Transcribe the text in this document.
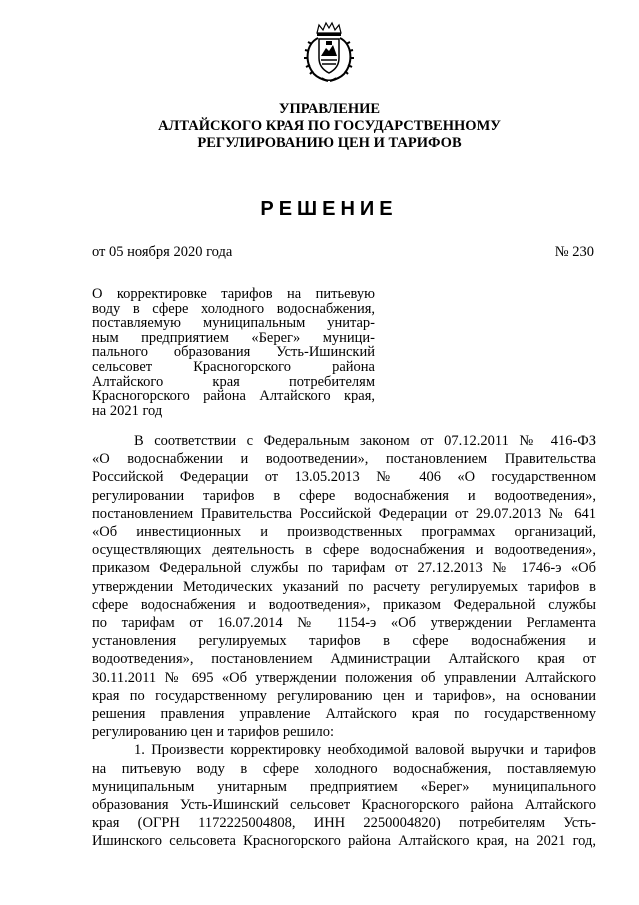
УПРАВЛЕНИЕ
АЛТАЙСКОГО КРАЯ ПО ГОСУДАРСТВЕННОМУ
РЕГУЛИРОВАНИЮ ЦЕН И ТАРИФОВ
РЕШЕНИЕ
от 05 ноября 2020 года	№ 230
О корректировке тарифов на питьевую
воду в сфере холодного водоснабжения,
поставляемую муниципальным унитар-
ным предприятием «Берег» муници-
пального образования Усть-Ишинский
сельсовет Красногорского района
Алтайского края потребителям
Красногорского района Алтайского края,
на 2021 год
В соответствии с Федеральным законом от 07.12.2011 № 416-ФЗ
«О водоснабжении и водоотведении», постановлением Правительства
Российской Федерации от 13.05.2013 № 406 «О государственном
регулировании тарифов в сфере водоснабжения и водоотведения»,
постановлением Правительства Российской Федерации от 29.07.2013 № 641
«Об инвестиционных и производственных программах организаций,
осуществляющих деятельность в сфере водоснабжения и водоотведения»,
приказом Федеральной службы по тарифам от 27.12.2013 № 1746-э «Об
утверждении Методических указаний по расчету регулируемых тарифов в
сфере водоснабжения и водоотведения», приказом Федеральной службы
по тарифам от 16.07.2014 № 1154-э «Об утверждении Регламента
установления регулируемых тарифов в сфере водоснабжения и
водоотведения», постановлением Администрации Алтайского края от
30.11.2011 № 695 «Об утверждении положения об управлении Алтайского
края по государственному регулированию цен и тарифов», на основании
решения правления управление Алтайского края по государственному
регулированию цен и тарифов решило:
1. Произвести корректировку необходимой валовой выручки и тарифов
на питьевую воду в сфере холодного водоснабжения, поставляемую
муниципальным унитарным предприятием «Берег» муниципального
образования Усть-Ишинский сельсовет Красногорского района Алтайского
края (ОГРН 1172225004808, ИНН 2250004820) потребителям Усть-
Ишинского сельсовета Красногорского района Алтайского края, на 2021 год,
